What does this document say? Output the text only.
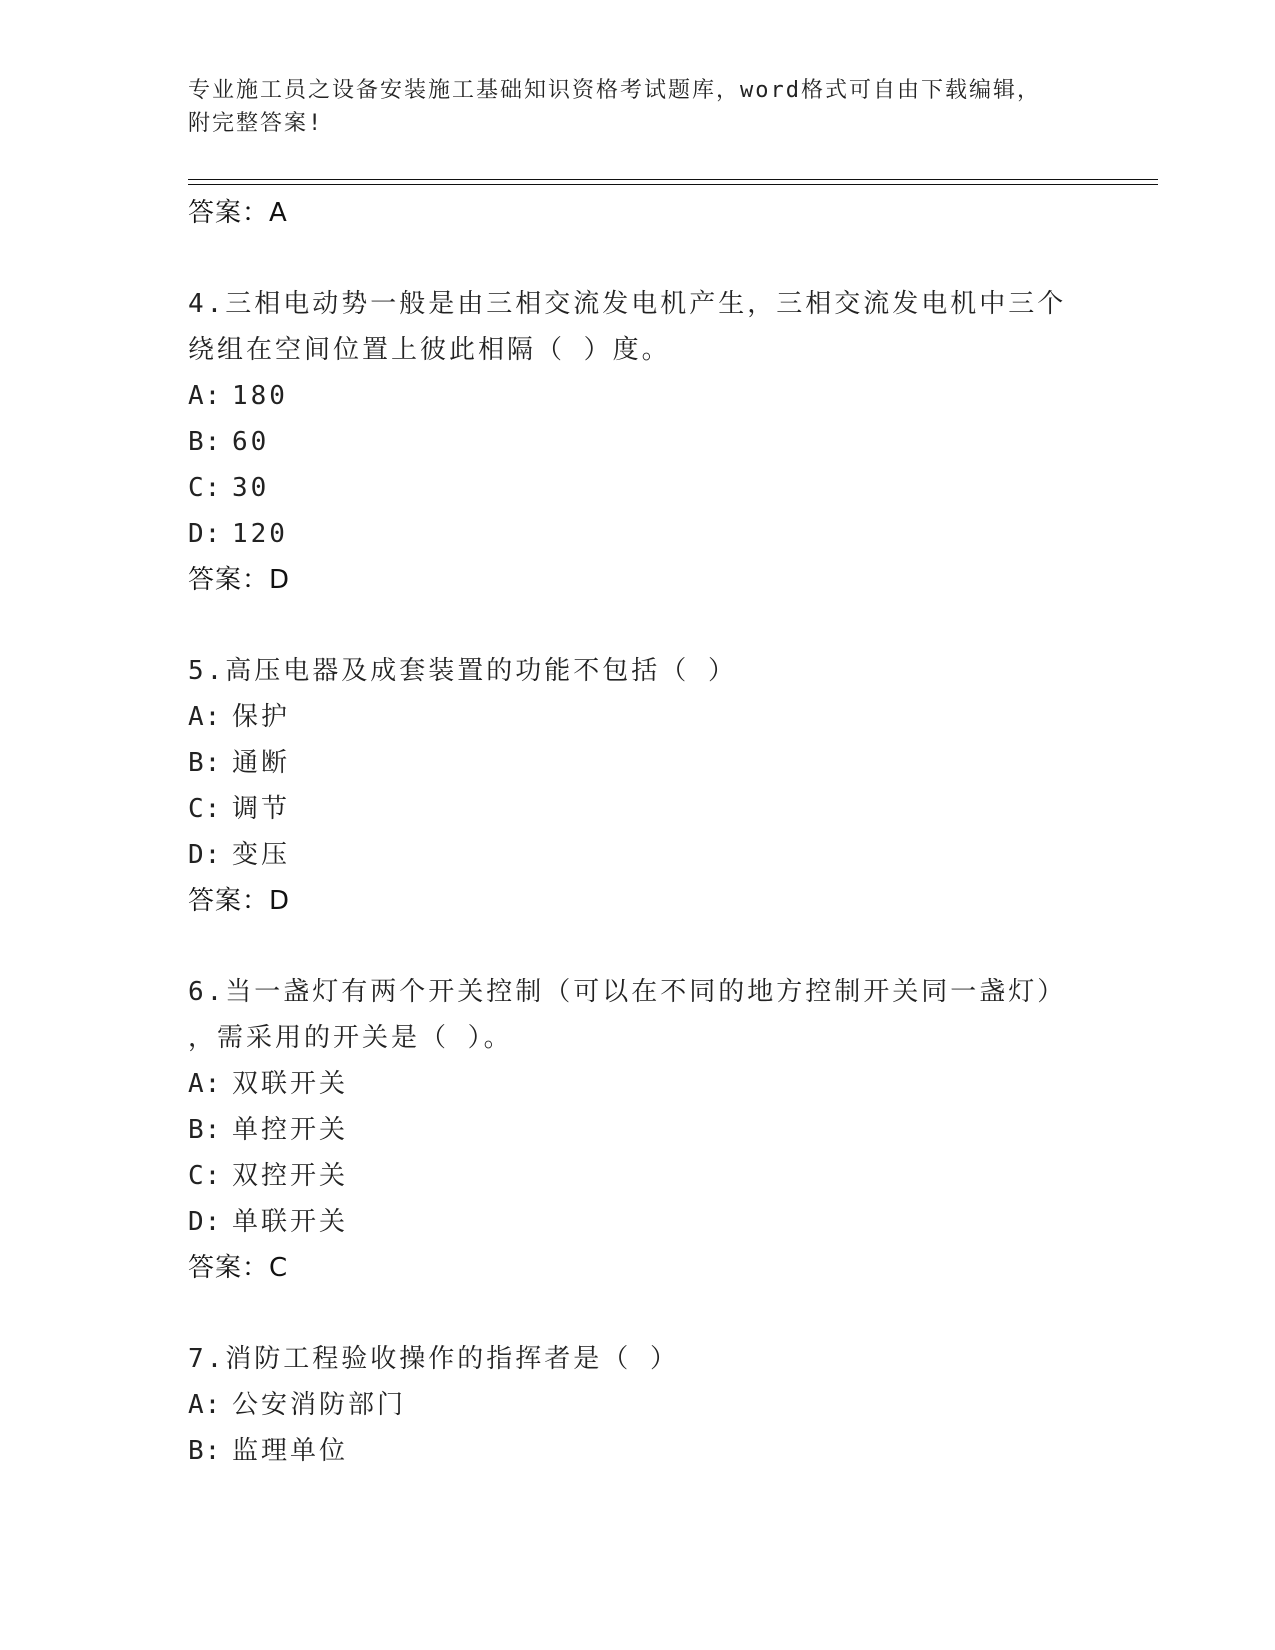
专业施工员之设备安装施工基础知识资格考试题库，word格式可自由下载编辑，
附完整答案!
答案：A
4.三相电动势一般是由三相交流发电机产生，三相交流发电机中三个
绕组在空间位置上彼此相隔（ ）度。
A: 180
B: 60
C: 30
D: 120
答案：D
5.高压电器及成套装置的功能不包括（ ）
A: 保护
B: 通断
C: 调节
D: 变压
答案：D
6.当一盏灯有两个开关控制（可以在不同的地方控制开关同一盏灯）
，需采用的开关是（ ）。
A: 双联开关
B: 单控开关
C: 双控开关
D: 单联开关
答案：C
7.消防工程验收操作的指挥者是（ ）
A: 公安消防部门
B: 监理单位
